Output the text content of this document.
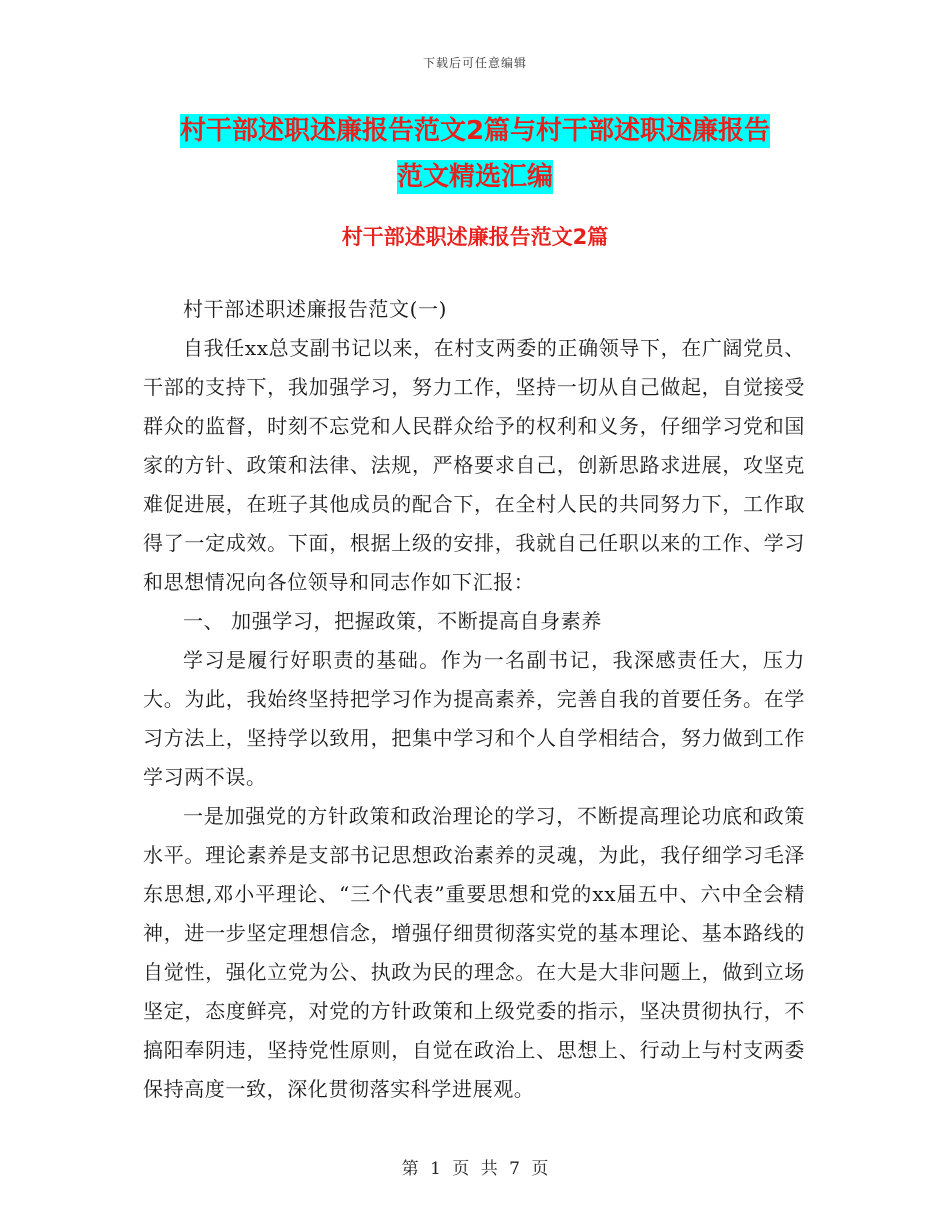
下载后可任意编辑
村干部述职述廉报告范文2篇与村干部述职述廉报告
范文精选汇编
村干部述职述廉报告范文2篇

村干部述职述廉报告范文(一)

自我任xx总支副书记以来，在村支两委的正确领导下，在广阔党员、干部的支持下，我加强学习，努力工作，坚持一切从自己做起，自觉接受群众的监督，时刻不忘党和人民群众给予的权利和义务，仔细学习党和国家的方针、政策和法律、法规，严格要求自己，创新思路求进展，攻坚克难促进展，在班子其他成员的配合下，在全村人民的共同努力下，工作取得了一定成效。下面，根据上级的安排，我就自己任职以来的工作、学习和思想情况向各位领导和同志作如下汇报：

一、 加强学习，把握政策，不断提高自身素养

学习是履行好职责的基础。作为一名副书记，我深感责任大，压力大。为此，我始终坚持把学习作为提高素养，完善自我的首要任务。在学习方法上，坚持学以致用，把集中学习和个人自学相结合，努力做到工作学习两不误。

一是加强党的方针政策和政治理论的学习，不断提高理论功底和政策水平。理论素养是支部书记思想政治素养的灵魂，为此，我仔细学习毛泽东思想,邓小平理论、“三个代表”重要思想和党的xx届五中、六中全会精神，进一步坚定理想信念，增强仔细贯彻落实党的基本理论、基本路线的自觉性，强化立党为公、执政为民的理念。在大是大非问题上，做到立场坚定，态度鲜亮，对党的方针政策和上级党委的指示，坚决贯彻执行，不搞阳奉阴违，坚持党性原则，自觉在政治上、思想上、行动上与村支两委保持高度一致，深化贯彻落实科学进展观。

第 1 页 共 7 页
